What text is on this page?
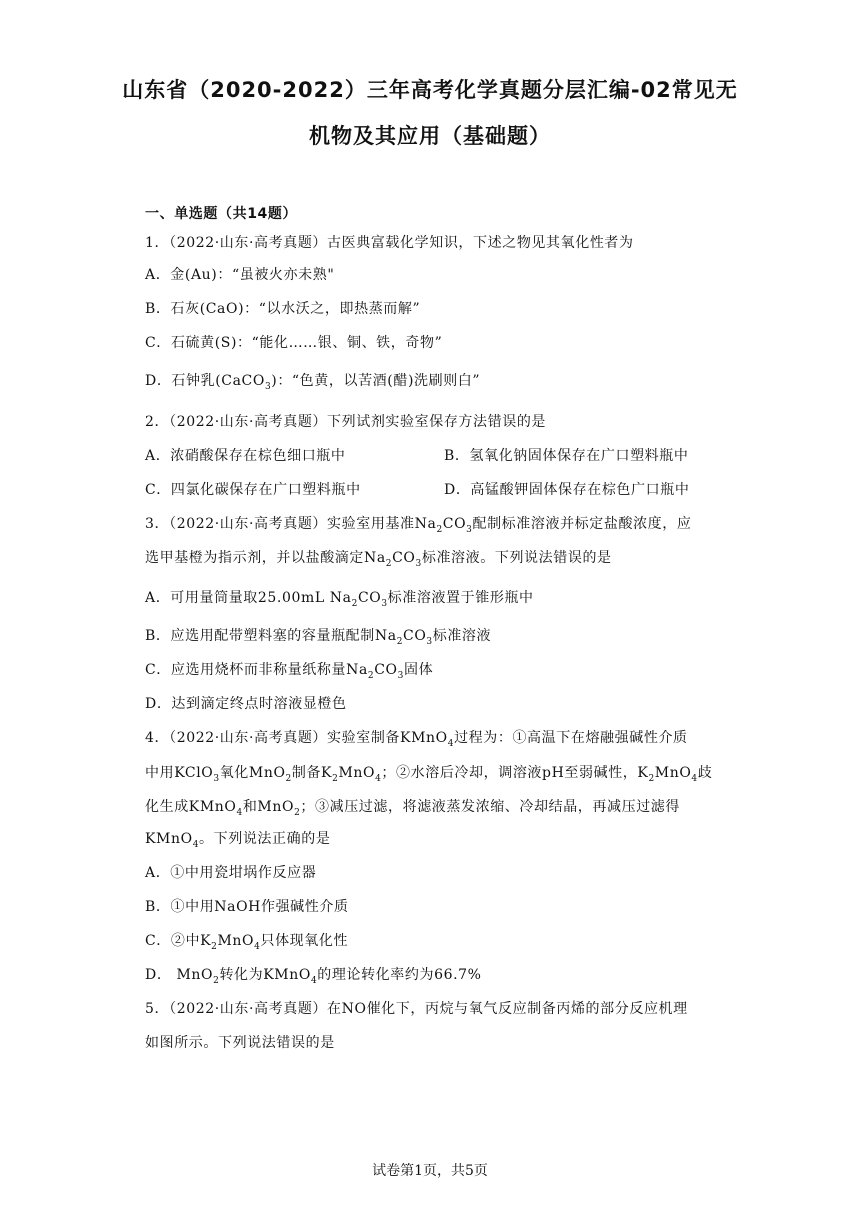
山东省（2020-2022）三年高考化学真题分层汇编-02常见无
机物及其应用（基础题）
一、单选题（共14题）
1．（2022·山东·高考真题）古医典富载化学知识，下述之物见其氧化性者为
A．金(Au)：“虽被火亦未熟"
B．石灰(CaO)：“以水沃之，即热蒸而解”
C．石硫黄(S)：“能化……银、铜、铁，奇物”
D．石钟乳(CaCO$_3$)：“色黄，以苦酒(醋)洗刷则白”
2．（2022·山东·高考真题）下列试剂实验室保存方法错误的是
A．浓硝酸保存在棕色细口瓶中	B．氢氧化钠固体保存在广口塑料瓶中
C．四氯化碳保存在广口塑料瓶中	D．高锰酸钾固体保存在棕色广口瓶中
3．（2022·山东·高考真题）实验室用基准$Na_2CO_3$配制标准溶液并标定盐酸浓度，应
选甲基橙为指示剂，并以盐酸滴定$Na_2CO_3$标准溶液。下列说法错误的是
A．可用量筒量取25.00mL $Na_2CO_3$标准溶液置于锥形瓶中
B．应选用配带塑料塞的容量瓶配制$Na_2CO_3$标准溶液
C．应选用烧杯而非称量纸称量$Na_2CO_3$固体
D．达到滴定终点时溶液显橙色
4．（2022·山东·高考真题）实验室制备KMnO$_4$过程为：①高温下在熔融强碱性介质
中用KClO$_3$氧化MnO$_2$制备$K_2MnO_4$；②水溶后冷却，调溶液pH至弱碱性，$K_2MnO_4$歧
化生成KMnO$_4$和MnO$_2$；③减压过滤，将滤液蒸发浓缩、冷却结晶，再减压过滤得
KMnO$_4$。下列说法正确的是
A．①中用瓷坩埚作反应器
B．①中用NaOH作强碱性介质
C．②中$K_2MnO_4$只体现氧化性
D． MnO$_2$转化为KMnO$_4$的理论转化率约为66.7%
5．（2022·山东·高考真题）在NO催化下，丙烷与氧气反应制备丙烯的部分反应机理
如图所示。下列说法错误的是
试卷第1页，共5页
